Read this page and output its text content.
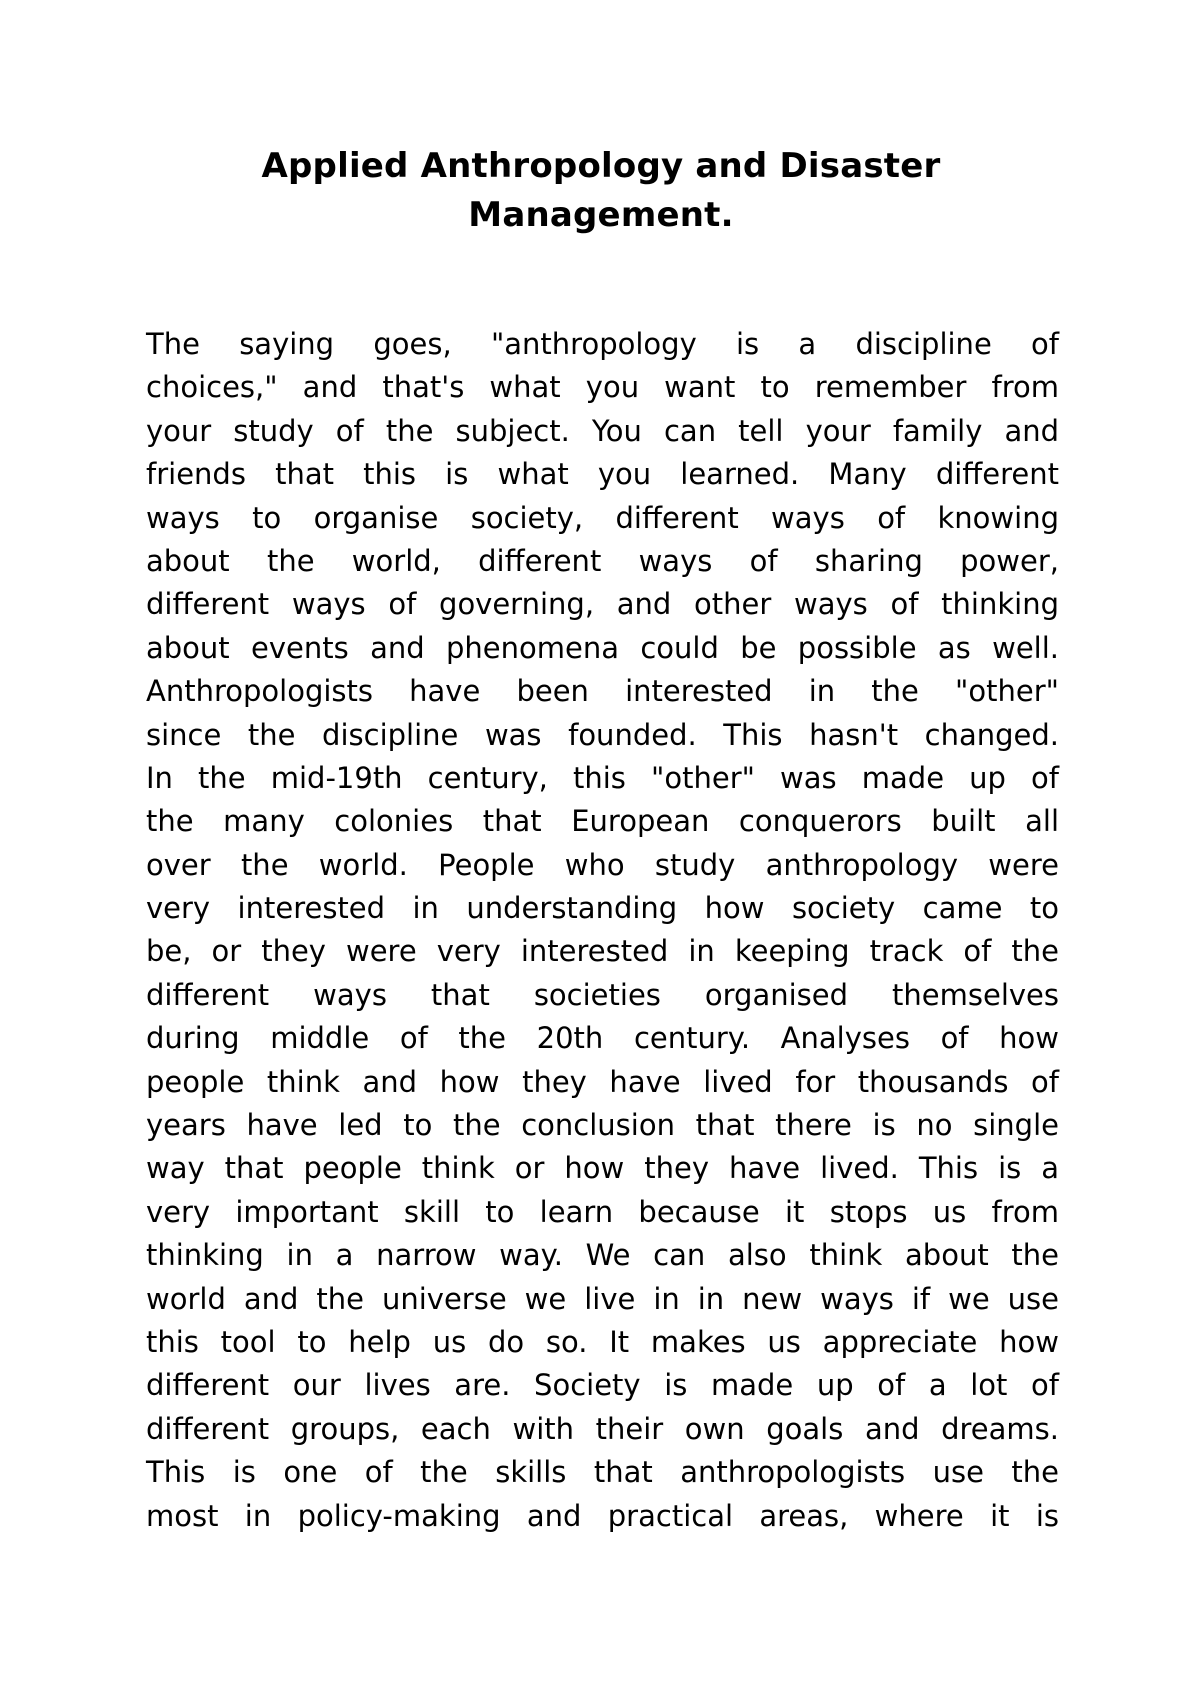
Applied Anthropology and Disaster Management.
The saying goes, "anthropology is a discipline of
choices," and that's what you want to remember from
your study of the subject. You can tell your family and
friends that this is what you learned. Many different
ways to organise society, different ways of knowing
about the world, different ways of sharing power,
different ways of governing, and other ways of thinking
about events and phenomena could be possible as well.
Anthropologists have been interested in the "other"
since the discipline was founded. This hasn't changed.
In the mid-19th century, this "other" was made up of
the many colonies that European conquerors built all
over the world. People who study anthropology were
very interested in understanding how society came to
be, or they were very interested in keeping track of the
different ways that societies organised themselves
during middle of the 20th century. Analyses of how
people think and how they have lived for thousands of
years have led to the conclusion that there is no single
way that people think or how they have lived. This is a
very important skill to learn because it stops us from
thinking in a narrow way. We can also think about the
world and the universe we live in in new ways if we use
this tool to help us do so. It makes us appreciate how
different our lives are. Society is made up of a lot of
different groups, each with their own goals and dreams.
This is one of the skills that anthropologists use the
most in policy-making and practical areas, where it is
